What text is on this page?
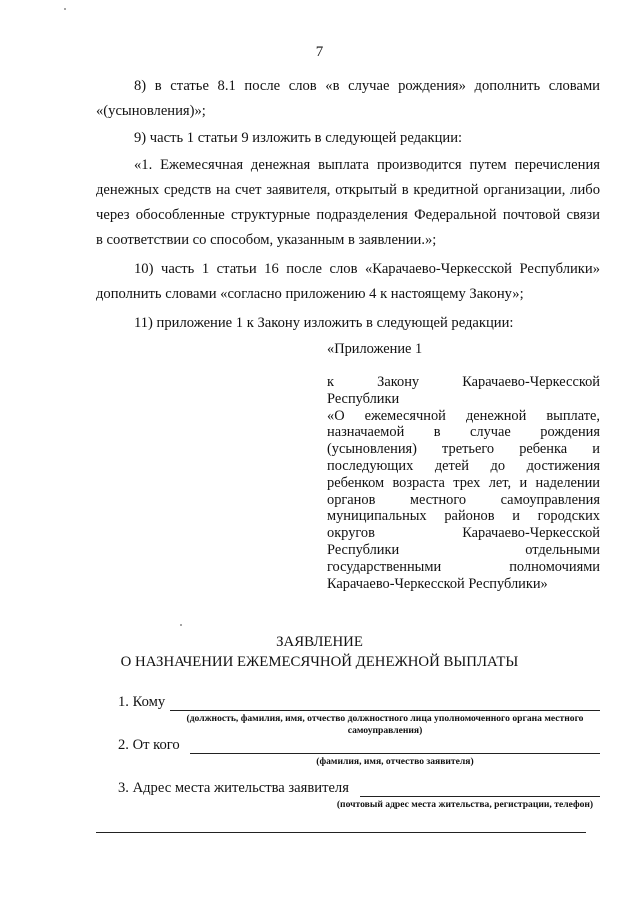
7
8) в статье 8.1 после слов «в случае рождения» дополнить словами
«(усыновления)»;
9) часть 1 статьи 9 изложить в следующей редакции:
«1. Ежемесячная денежная выплата производится путем перечисления
денежных средств на счет заявителя, открытый в кредитной организации, либо
через обособленные структурные подразделения Федеральной почтовой связи
в соответствии со способом, указанным в заявлении.»;
10) часть 1 статьи 16 после слов «Карачаево-Черкесской Республики»
дополнить словами «согласно приложению 4 к настоящему Закону»;
11) приложение 1 к Закону изложить в следующей редакции:
«Приложение 1
к Закону Карачаево-Черкесской
Республики
«О ежемесячной денежной выплате,
назначаемой в случае рождения
(усыновления) третьего ребенка и
последующих детей до достижения
ребенком возраста трех лет, и наделении
органов местного самоуправления
муниципальных районов и городских
округов Карачаево-Черкесской
Республики отдельными
государственными полномочиями
Карачаево-Черкесской Республики»
ЗАЯВЛЕНИЕ
О НАЗНАЧЕНИИ ЕЖЕМЕСЯЧНОЙ ДЕНЕЖНОЙ ВЫПЛАТЫ
1. Кому
(должность, фамилия, имя, отчество должностного лица уполномоченного органа местного
самоуправления)
2. От кого
(фамилия, имя, отчество заявителя)
3. Адрес места жительства заявителя
(почтовый адрес места жительства, регистрации, телефон)
